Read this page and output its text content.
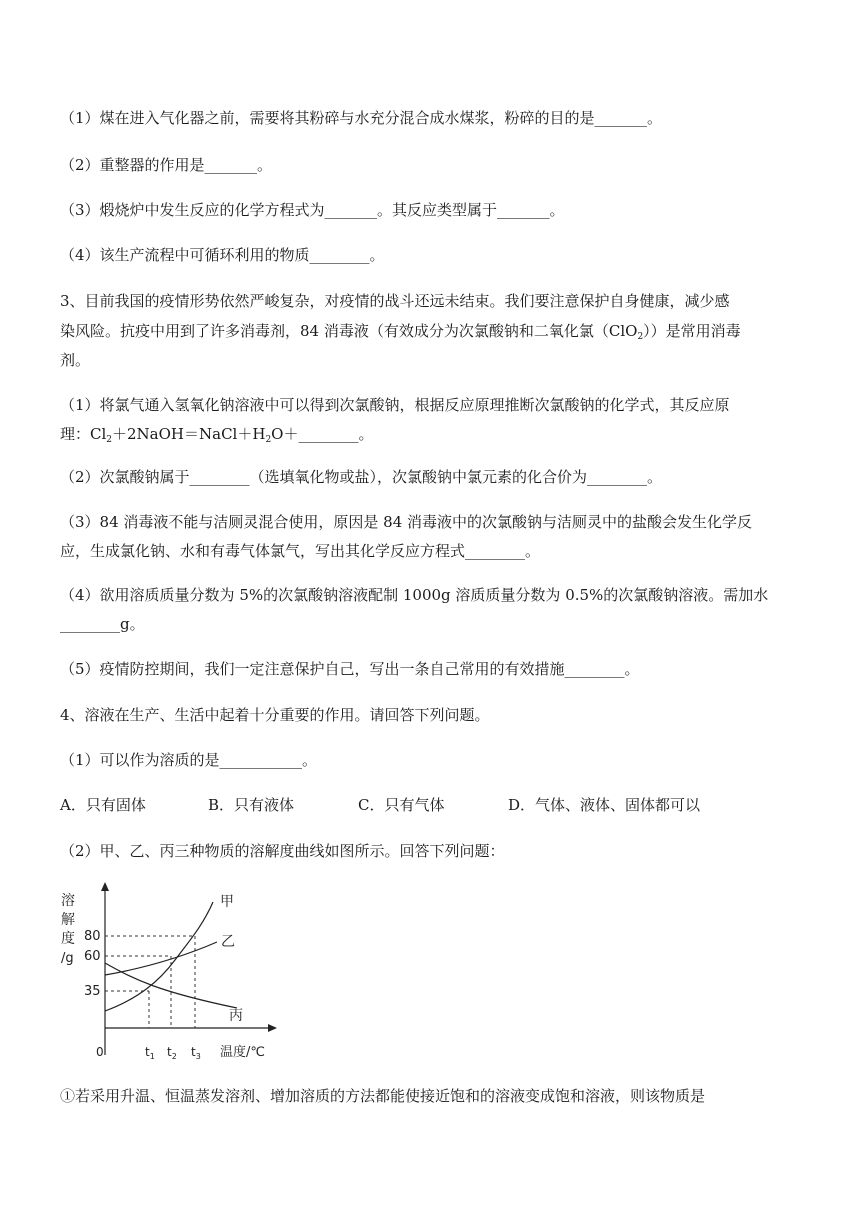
（1）煤在进入气化器之前，需要将其粉碎与水充分混合成水煤浆，粉碎的目的是_______。
（2）重整器的作用是_______。
（3）煅烧炉中发生反应的化学方程式为_______。其反应类型属于_______。
（4）该生产流程中可循环利用的物质________。
3、目前我国的疫情形势依然严峻复杂，对疫情的战斗还远未结束。我们要注意保护自身健康，减少感
染风险。抗疫中用到了许多消毒剂，84 消毒液（有效成分为次氯酸钠和二氧化氯（ClO$_2$））是常用消毒
剂。
（1）将氯气通入氢氧化钠溶液中可以得到次氯酸钠，根据反应原理推断次氯酸钠的化学式，其反应原
理：$Cl_2+2NaOH=NaCl+H_2O+\_\_\_\_\_\_\_\_$。
（2）次氯酸钠属于________（选填氧化物或盐），次氯酸钠中氯元素的化合价为________。
（3）84 消毒液不能与洁厕灵混合使用，原因是 84 消毒液中的次氯酸钠与洁厕灵中的盐酸会发生化学反
应，生成氯化钠、水和有毒气体氯气，写出其化学反应方程式________。
（4）欲用溶质质量分数为 5%的次氯酸钠溶液配制 1000g 溶质质量分数为 0.5%的次氯酸钠溶液。需加水
________g。
（5）疫情防控期间，我们一定注意保护自己，写出一条自己常用的有效措施________。
4、溶液在生产、生活中起着十分重要的作用。请回答下列问题。
（1）可以作为溶质的是___________。
A．只有固体	B．只有液体	C．只有气体	D．气体、液体、固体都可以
（2）甲、乙、丙三种物质的溶解度曲线如图所示。回答下列问题：
溶
解
度
/g
80
60
35
甲
乙
丙
0	$t_1$ $t_2$ $t_3$ 温度/℃
①若采用升温、恒温蒸发溶剂、增加溶质的方法都能使接近饱和的溶液变成饱和溶液，则该物质是
